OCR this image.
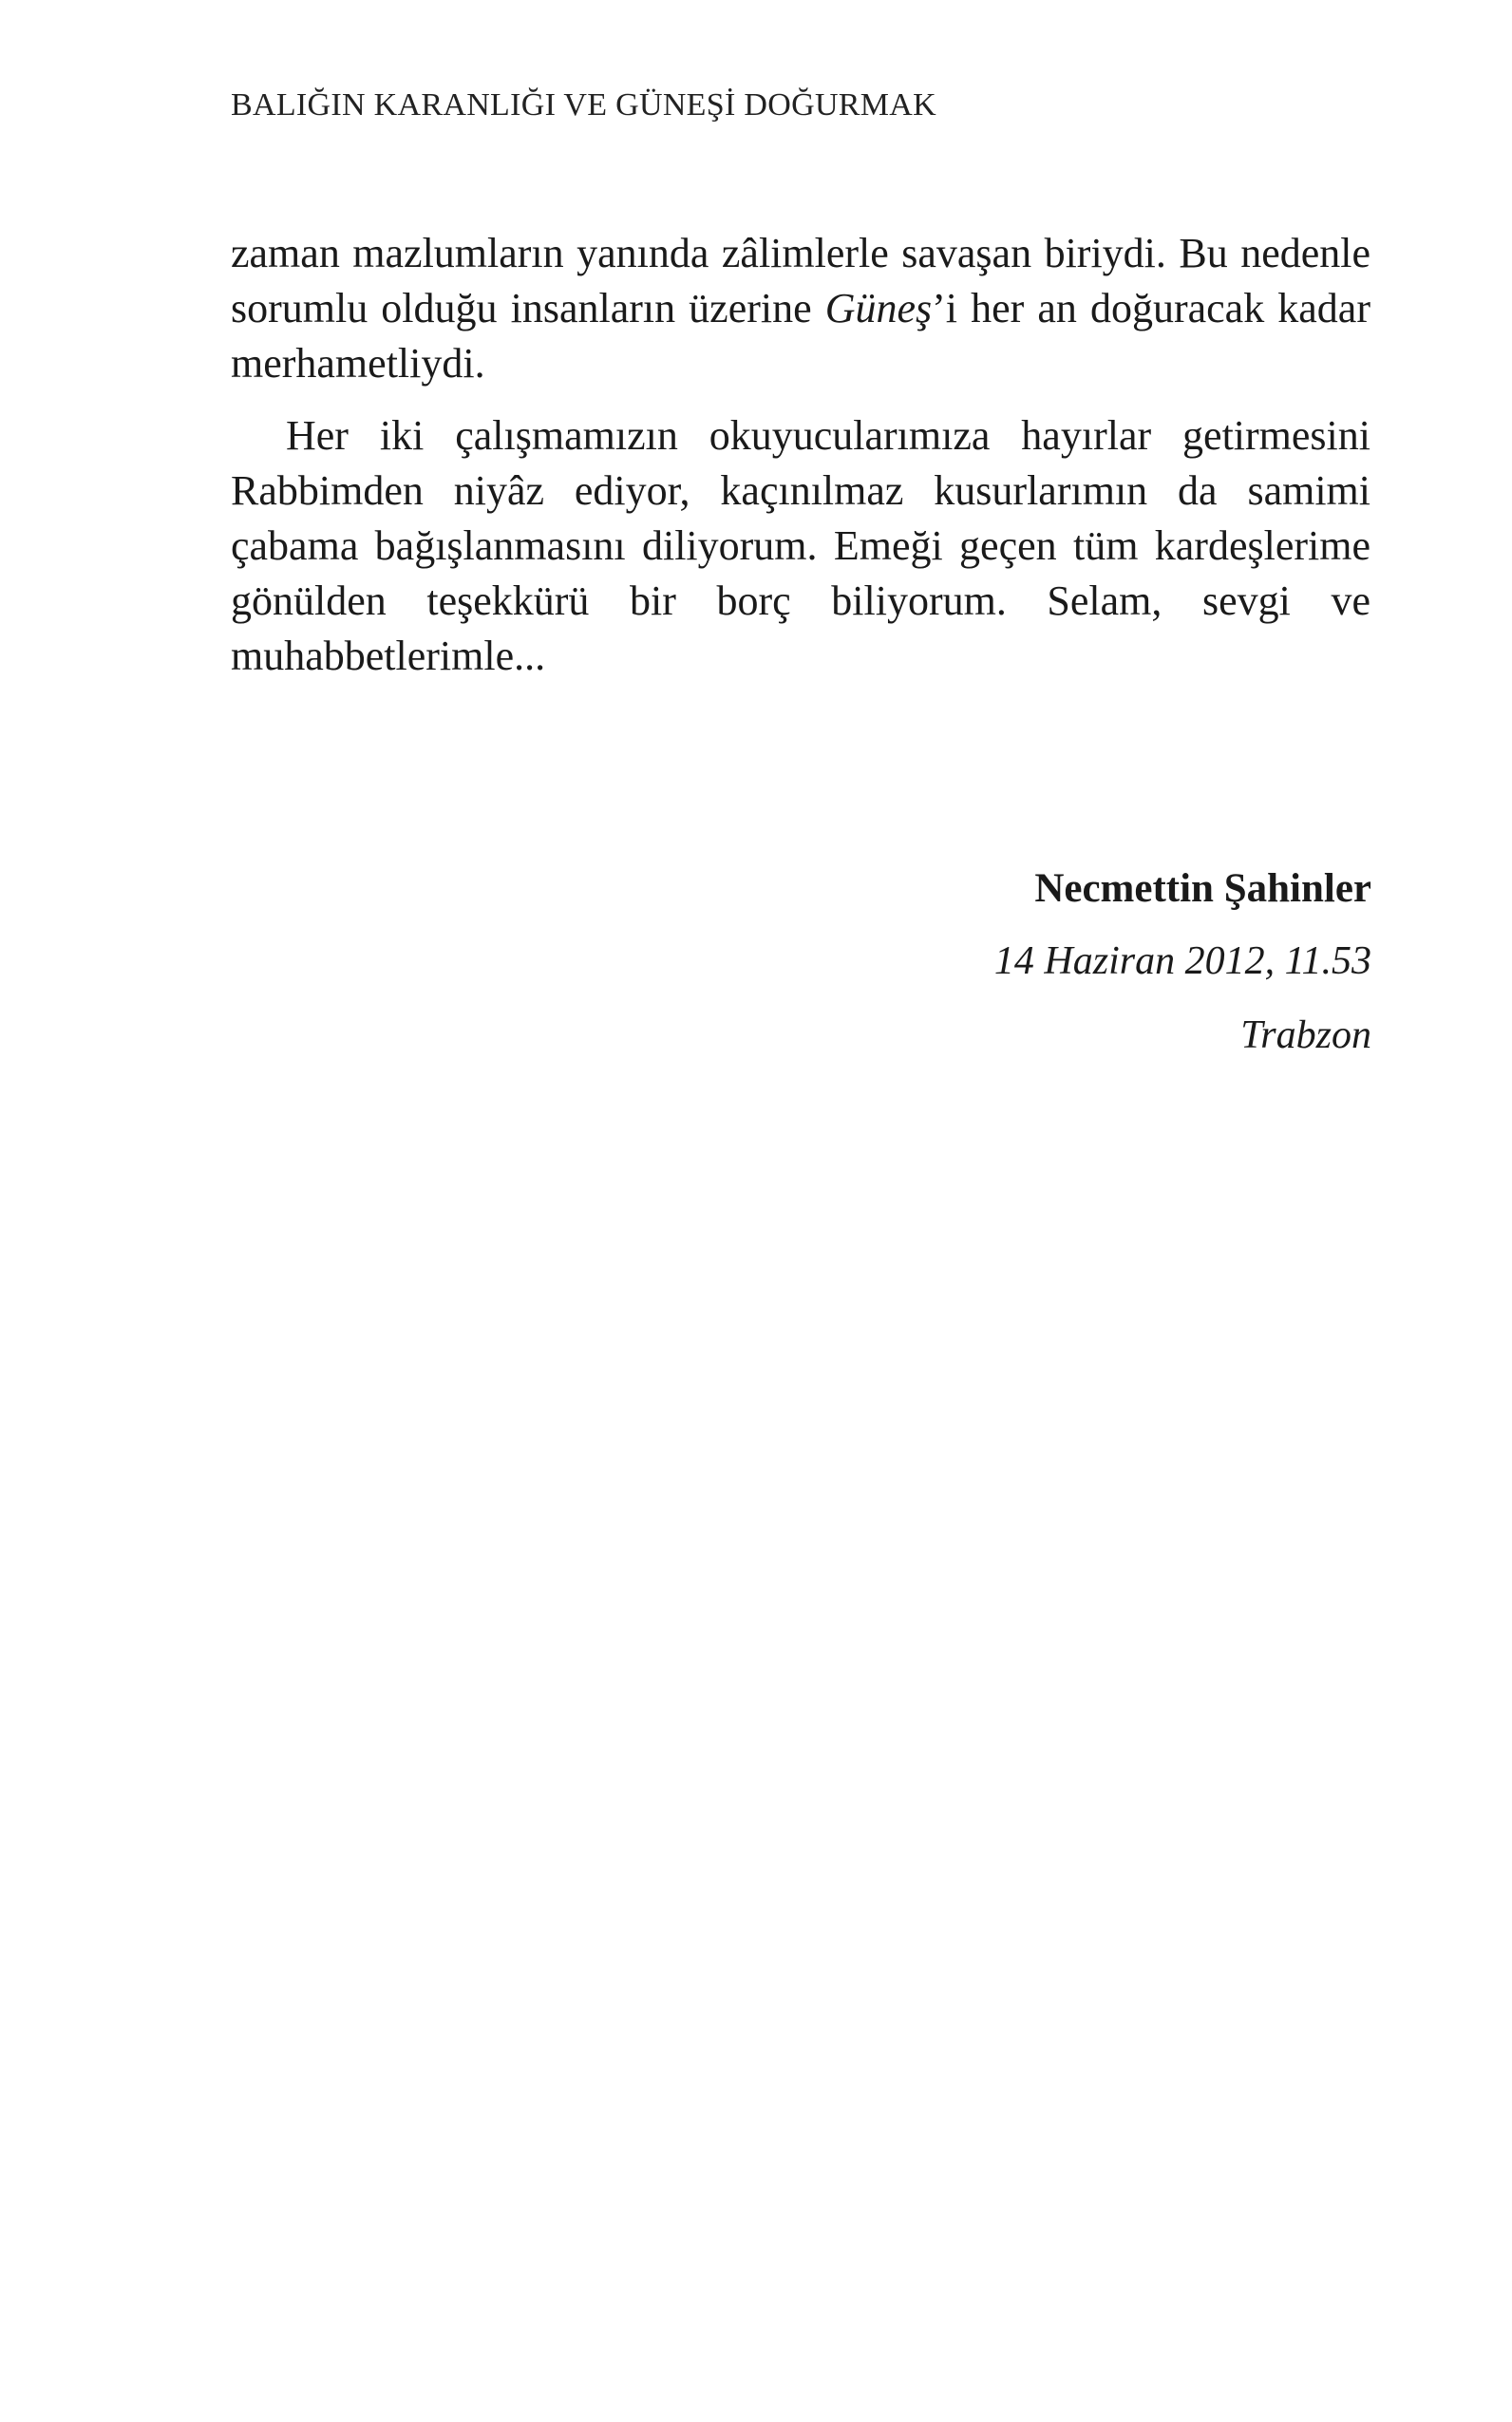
BALIĞIN KARANLIĞI VE GÜNEŞİ DOĞURMAK

zaman mazlumların yanında zâlimlerle savaşan biriydi. Bu nedenle sorumlu olduğu insanların üzerine Güneş’i her an doğuracak kadar merhametliydi.

Her iki çalışmamızın okuyucularımıza hayırlar getirmesini Rabbimden niyâz ediyor, kaçınılmaz kusurlarımın da samimi çabama bağışlanmasını diliyorum. Emeği geçen tüm kardeşlerime gönülden teşekkürü bir borç biliyorum. Selam, sevgi ve muhabbetlerimle...

Necmettin Şahinler
14 Haziran 2012, 11.53
Trabzon
